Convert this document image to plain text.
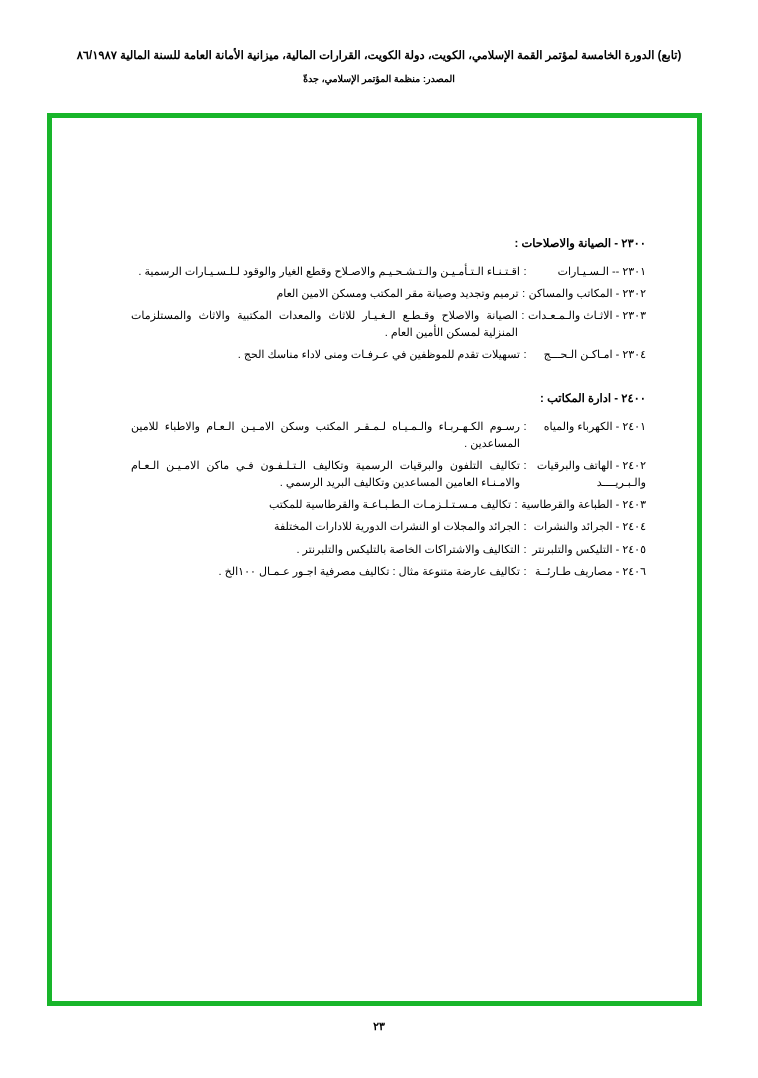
(تابع) الدورة الخامسة لمؤتمر القمة الإسلامي، الكويت، دولة الكويت، القرارات المالية، ميزانية الأمانة العامة للسنة المالية ٨٦/١٩٨٧
المصدر: منظمة المؤتمر الإسلامي، جدةّ
٢٣٠٠ - الصيانة والاصلاحات :
٢٣٠١ -- الـسـيـارات
:
اقـتـنـاء الـتـأمـيـن والـتـشـحـيـم والاصـلاح وقطع الغيار والوقود لـلـسـيـارات الرسمية .
٢٣٠٢ - المكاتب والمساكن
:
ترميم وتجديد وصيانة مقر المكتب ومسكن الامين العام
٢٣٠٣ - الاثـاث والـمـعـدات
:
الصيانة والاصلاح وقـطـع الـغـيـار للاثاث والمعدات المكتبية والاثاث والمستلزمات المنزلية لمسكن الأمين العام .
٢٣٠٤ - امـاكـن الـحـــج
:
تسهيلات تقدم للموظفين في عـرفـات ومنى لاداء مناسك الحج .
٢٤٠٠ - ادارة المكاتب :
٢٤٠١ - الكهرباء والمياه
:
رسـوم الكـهـربـاء والـمـيـاه لـمـقـر المكتب وسكن الامـيـن الـعـام والاطباء للامين المساعدين .
٢٤٠٢ - الهاتف والبرقيات والـبـريــــد
:
تكاليف التلفون والبرقيات الرسمية وتكاليف الـتـلـفـون فـي ماكن الامـيـن الـعـام والامـنـاء العامين المساعدين وتكاليف البريد الرسمي .
٢٤٠٣ - الطباعة والقرطاسية
:
تكاليف مـسـتـلـزمـات الـطـبـاعـة والقرطاسية للمكتب
٢٤٠٤ - الجرائد والنشرات
:
الجرائد والمجلات او النشرات الدورية للادارات المختلفة
٢٤٠٥ - التليكس والتلبرنتر
:
التكاليف والاشتراكات الخاصة بالتليكس والتلبرنتر .
٢٤٠٦ - مصاريف طـارئــة
:
تكاليف عارضة متنوعة مثال : تكاليف مصرفية اجـور عـمـال ١٠٠الخ .
٢٣
